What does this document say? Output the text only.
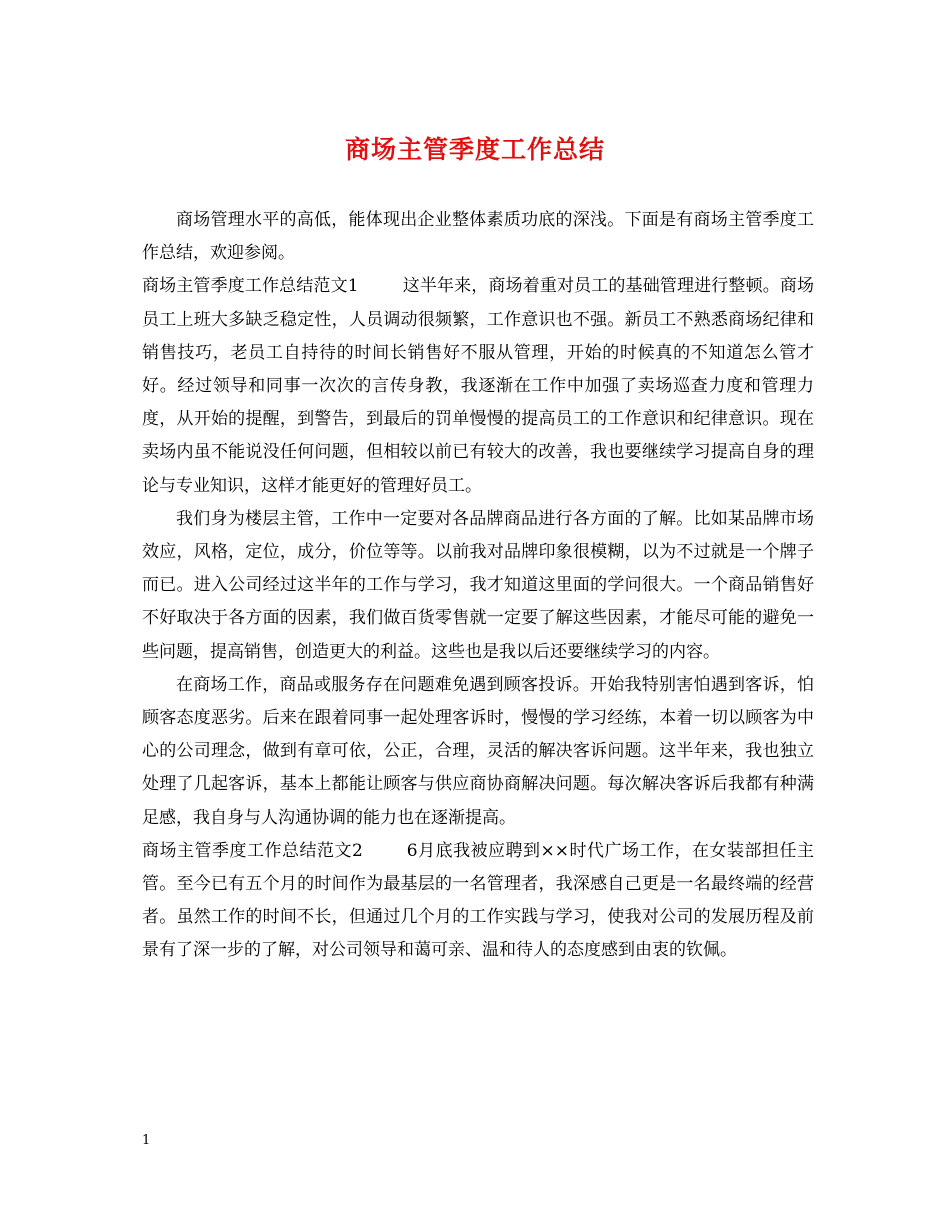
商场主管季度工作总结

商场管理水平的高低，能体现出企业整体素质功底的深浅。下面是有商场主管季度工作总结，欢迎参阅。

商场主管季度工作总结范文1	这半年来，商场着重对员工的基础管理进行整顿。商场员工上班大多缺乏稳定性，人员调动很频繁，工作意识也不强。新员工不熟悉商场纪律和销售技巧，老员工自持待的时间长销售好不服从管理，开始的时候真的不知道怎么管才好。经过领导和同事一次次的言传身教，我逐渐在工作中加强了卖场巡查力度和管理力度，从开始的提醒，到警告，到最后的罚单慢慢的提高员工的工作意识和纪律意识。现在卖场内虽不能说没任何问题，但相较以前已有较大的改善，我也要继续学习提高自身的理论与专业知识，这样才能更好的管理好员工。

我们身为楼层主管，工作中一定要对各品牌商品进行各方面的了解。比如某品牌市场效应，风格，定位，成分，价位等等。以前我对品牌印象很模糊，以为不过就是一个牌子而已。进入公司经过这半年的工作与学习，我才知道这里面的学问很大。一个商品销售好不好取决于各方面的因素，我们做百货零售就一定要了解这些因素，才能尽可能的避免一些问题，提高销售，创造更大的利益。这些也是我以后还要继续学习的内容。

在商场工作，商品或服务存在问题难免遇到顾客投诉。开始我特别害怕遇到客诉，怕顾客态度恶劣。后来在跟着同事一起处理客诉时，慢慢的学习经练，本着一切以顾客为中心的公司理念，做到有章可依，公正，合理，灵活的解决客诉问题。这半年来，我也独立处理了几起客诉，基本上都能让顾客与供应商协商解决问题。每次解决客诉后我都有种满足感，我自身与人沟通协调的能力也在逐渐提高。

商场主管季度工作总结范文2	6月底我被应聘到××时代广场工作，在女装部担任主管。至今已有五个月的时间作为最基层的一名管理者，我深感自己更是一名最终端的经营者。虽然工作的时间不长，但通过几个月的工作实践与学习，使我对公司的发展历程及前景有了深一步的了解，对公司领导和蔼可亲、温和待人的态度感到由衷的钦佩。

1
